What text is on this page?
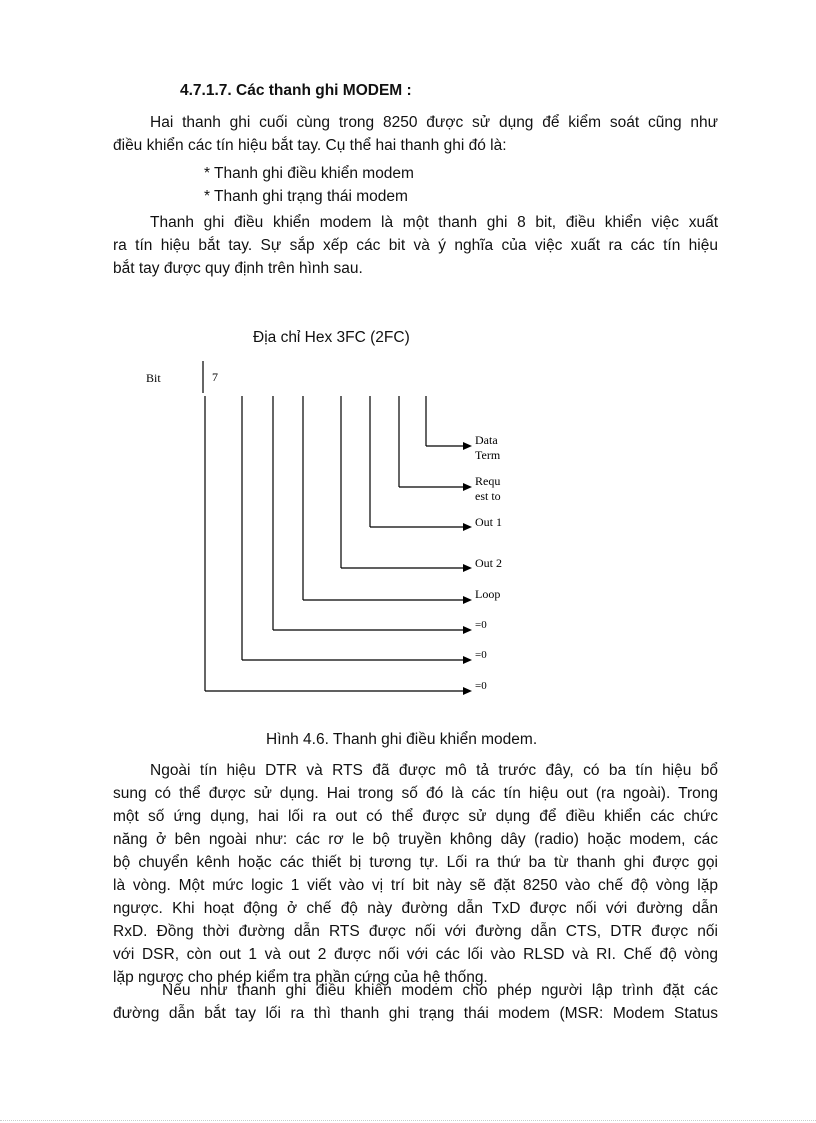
4.7.1.7. Các thanh ghi MODEM :
Hai thanh ghi cuối cùng trong 8250 được sử dụng để kiểm soát cũng như
điều khiển các tín hiệu bắt tay. Cụ thể hai thanh ghi đó là:
* Thanh ghi điều khiển modem
* Thanh ghi trạng thái modem
Thanh ghi điều khiển modem là một thanh ghi 8 bit, điều khiển việc xuất
ra tín hiệu bắt tay. Sự sắp xếp các bit và ý nghĩa của việc xuất ra các tín hiệu
bắt tay được quy định trên hình sau.
Địa chỉ Hex 3FC (2FC)
Bit	7
Data
Term
Requ
est to
Out 1
Out 2
Loop
=0
=0
=0
Hình 4.6. Thanh ghi điều khiển modem.
Ngoài tín hiệu DTR và RTS đã được mô tả trước đây, có ba tín hiệu bổ
sung có thể được sử dụng. Hai trong số đó là các tín hiệu out (ra ngoài). Trong
một số ứng dụng, hai lối ra out có thể được sử dụng để điều khiển các chức
năng ở bên ngoài như: các rơ le bộ truyền không dây (radio) hoặc modem, các
bộ chuyển kênh hoặc các thiết bị tương tự. Lối ra thứ ba từ thanh ghi được gọi
là vòng. Một mức logic 1 viết vào vị trí bit này sẽ đặt 8250 vào chế độ vòng lặp
ngược. Khi hoạt động ở chế độ này đường dẫn TxD được nối với đường dẫn
RxD. Đồng thời đường dẫn RTS được nối với đường dẫn CTS, DTR được nối
với DSR, còn out 1 và out 2 được nối với các lối vào RLSD và RI. Chế độ vòng
lặp ngược cho phép kiểm tra phần cứng của hệ thống.
Nếu như thanh ghi điều khiển modem cho phép người lập trình đặt các
đường dẫn bắt tay lối ra thì thanh ghi trạng thái modem (MSR: Modem Status
